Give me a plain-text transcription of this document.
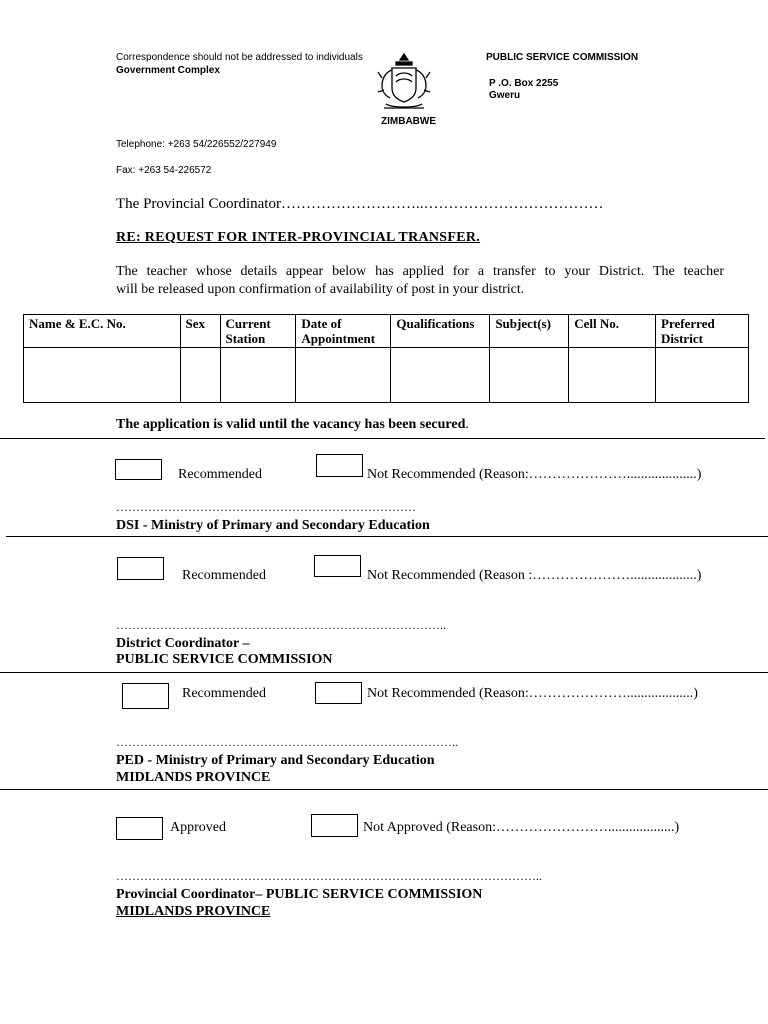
Correspondence should not be addressed to individuals
Government Complex
ZIMBABWE
PUBLIC SERVICE COMMISSION
P .O. Box 2255
Gweru
Telephone: +263 54/226552/227949
Fax: +263 54-226572
The Provincial Coordinator………………………..………………………………
RE: REQUEST FOR INTER-PROVINCIAL TRANSFER.
The teacher whose details appear below has applied for a transfer to your District. The teacher
will be released upon confirmation of availability of post in your district.
Name & E.C. No.	Sex	Current Station	Date of Appointment	Qualifications	Subject(s)	Cell No.	Preferred District

The application is valid until the vacancy has been secured.
Recommended	Not Recommended (Reason:…………………....................)
…………………………………………………………………
DSI - Ministry of Primary and Secondary Education
Recommended	Not Recommended (Reason :…………………...................)
………………………………………………………………………..
District Coordinator –
PUBLIC SERVICE COMMISSION
Recommended	Not Recommended (Reason:…………………...................)
…………………………………………………………………………..
PED - Ministry of Primary and Secondary Education
MIDLANDS PROVINCE
Approved	Not Approved (Reason:……………………...................)
……………………………………………………………………………………………..
Provincial Coordinator– PUBLIC SERVICE COMMISSION
MIDLANDS PROVINCE
